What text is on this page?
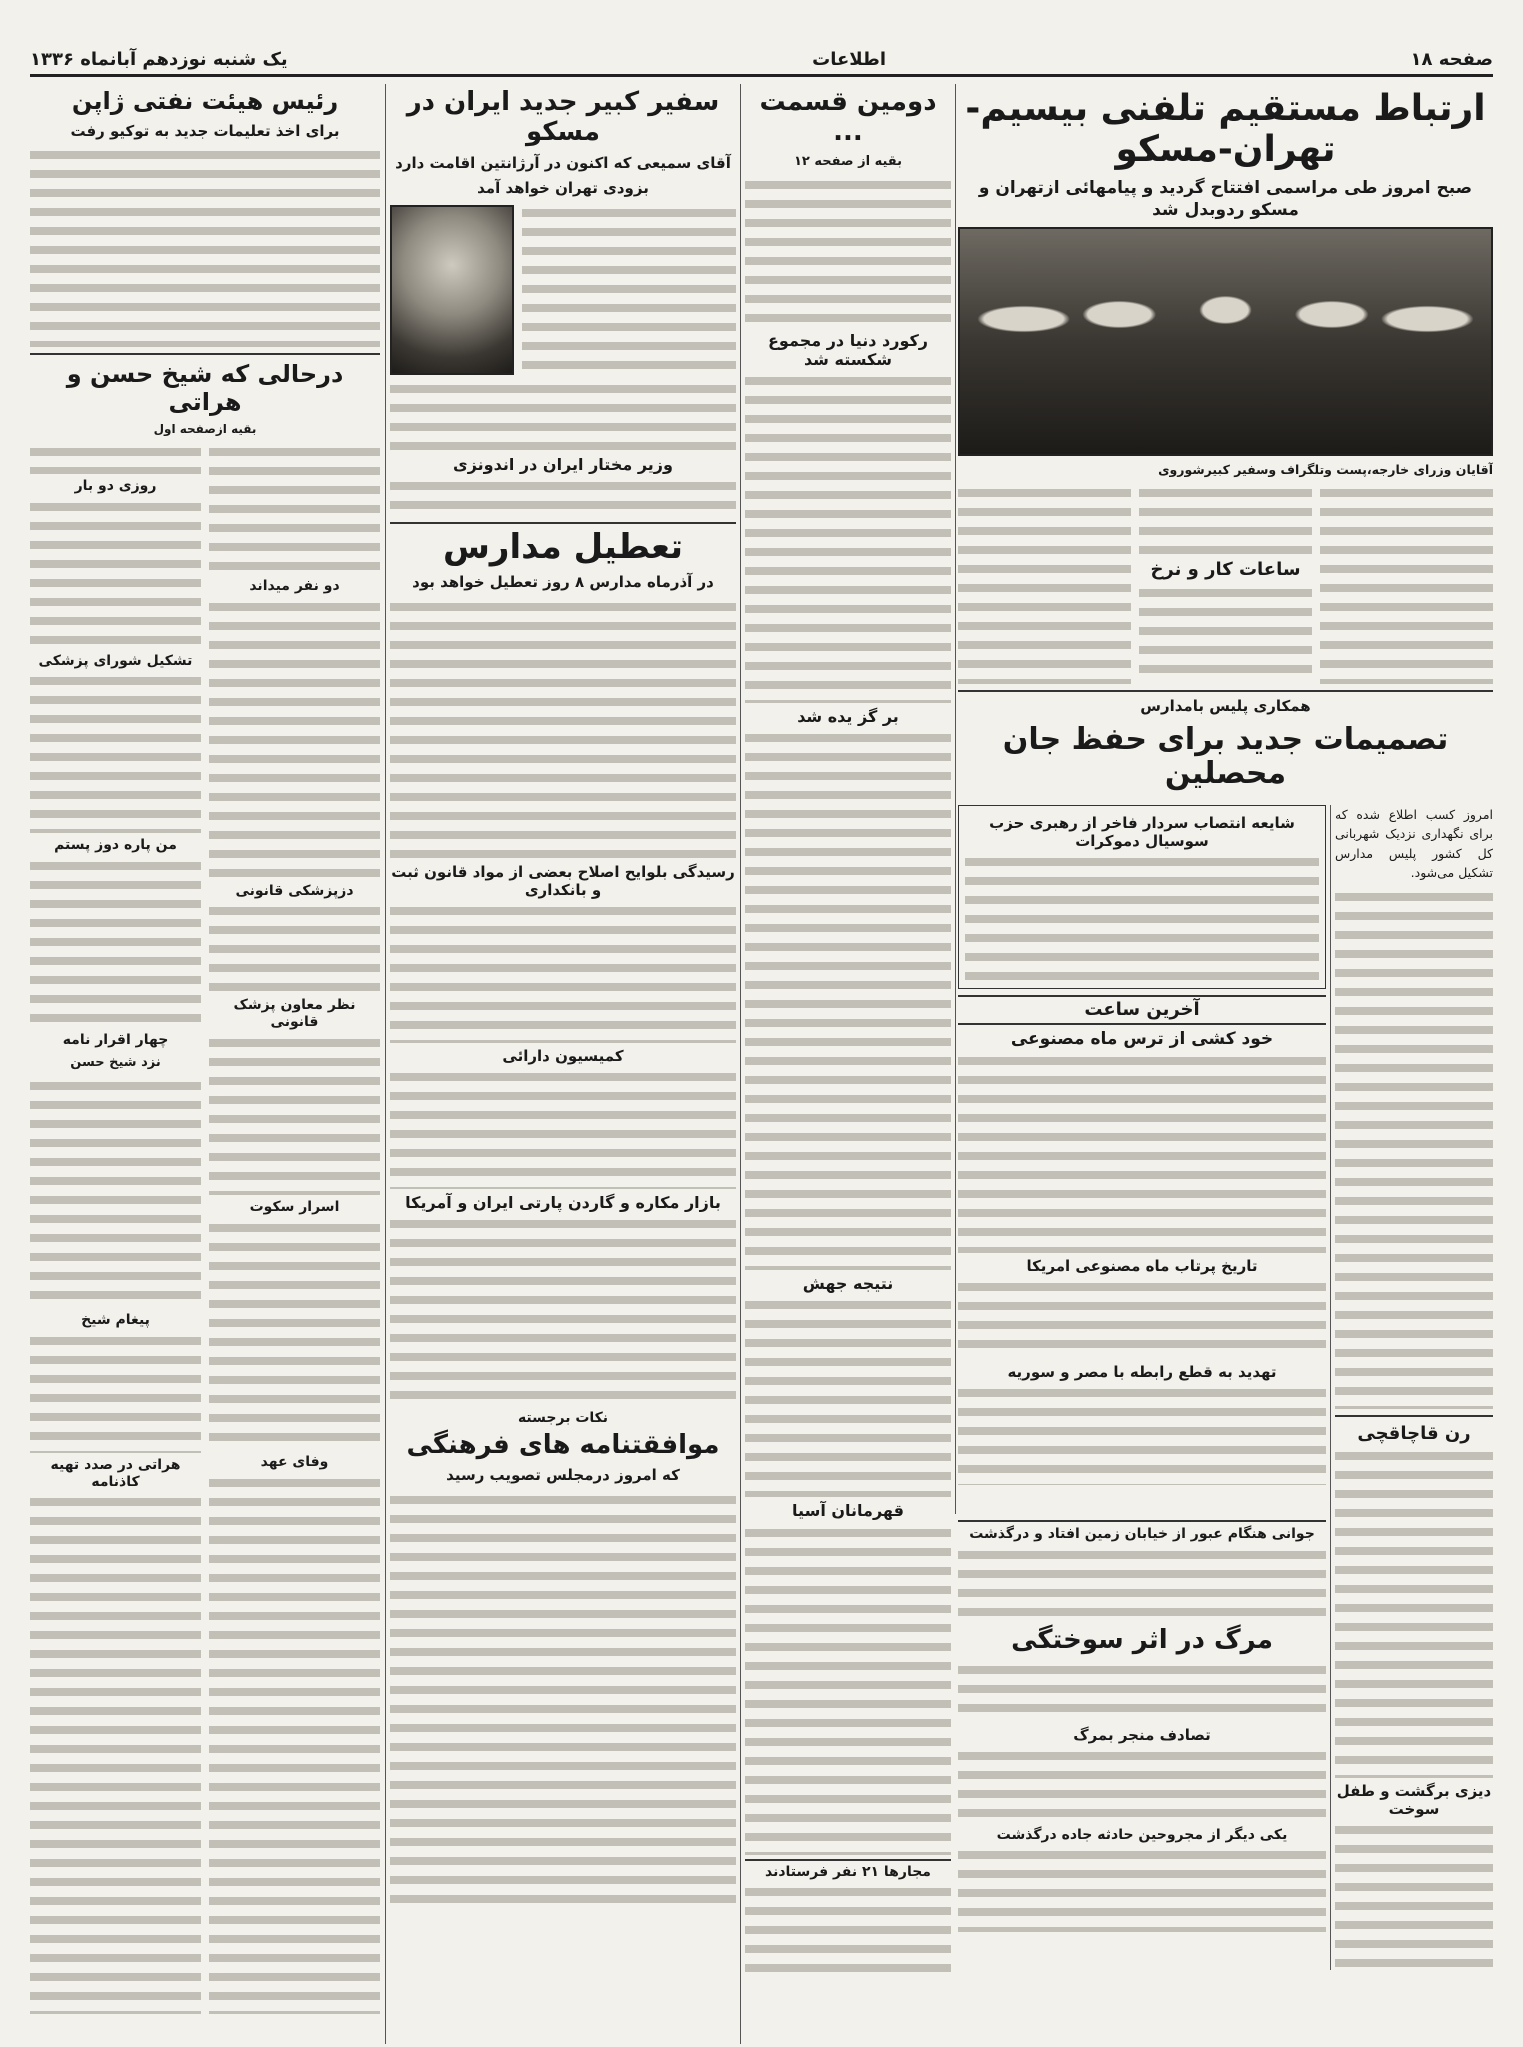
صفحه ۱۸
اطلاعات
یک شنبه نوزدهم آبانماه ۱۳۳۶
ارتباط مستقیم تلفنی بیسیم-تهران-مسکو
صبح امروز طی مراسمی افتتاح گردید و پیامهائی ازتهران و مسکو ردوبدل شد
آقایان وزرای خارجه،پست وتلگراف وسفیر کبیرشوروی
ساعات کار و نرخ
همکاری پلیس بامدارس
تصمیمات جدید برای حفظ جان محصلین
امروز کسب اطلاع شده که برای نگهداری نزدیک شهربانی کل کشور پلیس مدارس تشکیل می‌شود.
رن قاچاقچی
دیزی برگشت و طفل سوخت
شایعه انتصاب سردار فاخر از رهبری حزب سوسیال دموکرات
آخرین ساعت
خود کشی از ترس ماه مصنوعی
تاریخ پرتاب ماه مصنوعی امریکا
تهدید به قطع رابطه با مصر و سوریه
جوانی هنگام عبور از خیابان زمین افتاد و درگذشت
مرگ در اثر سوختگی
تصادف منجر بمرگ
یکی دیگر از مجروحین حادثه جاده درگذشت
دومین قسمت ...
بقیه از صفحه ۱۲
رکورد دنیا در مجموع شکسته شد
بر گز یده شد
نتیجه جهش
قهرمانان آسیا
مجارها ۲۱ نفر فرستادند
سفیر کبیر جدید ایران در مسکو
آقای سمیعی که اکنون در آرژانتین اقامت دارد
بزودی تهران خواهد آمد
وزیر مختار ایران در اندونزی
تعطیل مدارس
در آذرماه مدارس ۸ روز تعطیل خواهد بود
رسیدگی بلوایح اصلاح بعضی از مواد قانون ثبت و بانکداری
کمیسیون دارائی
بازار مکاره و گاردن پارتی ایران و آمریکا
نکات برجسته
موافقتنامه های فرهنگی
که امروز درمجلس تصویب رسید
رئیس هیئت نفتی ژاپن
برای اخذ تعلیمات جدید به توکیو رفت
درحالی که شیخ حسن و هراتی
بقیه ازصفحه اول
دو نفر میداند
دزپزشکی قانونی
نظر معاون پزشک قانونی
اسرار سکوت
وفای عهد
روزی دو بار
تشکیل شورای پزشکی
من پاره دوز پستم
چهار اقرار نامه
نزد شیخ حسن
پیغام شیخ
هراتی در صدد تهیه کاذنامه
